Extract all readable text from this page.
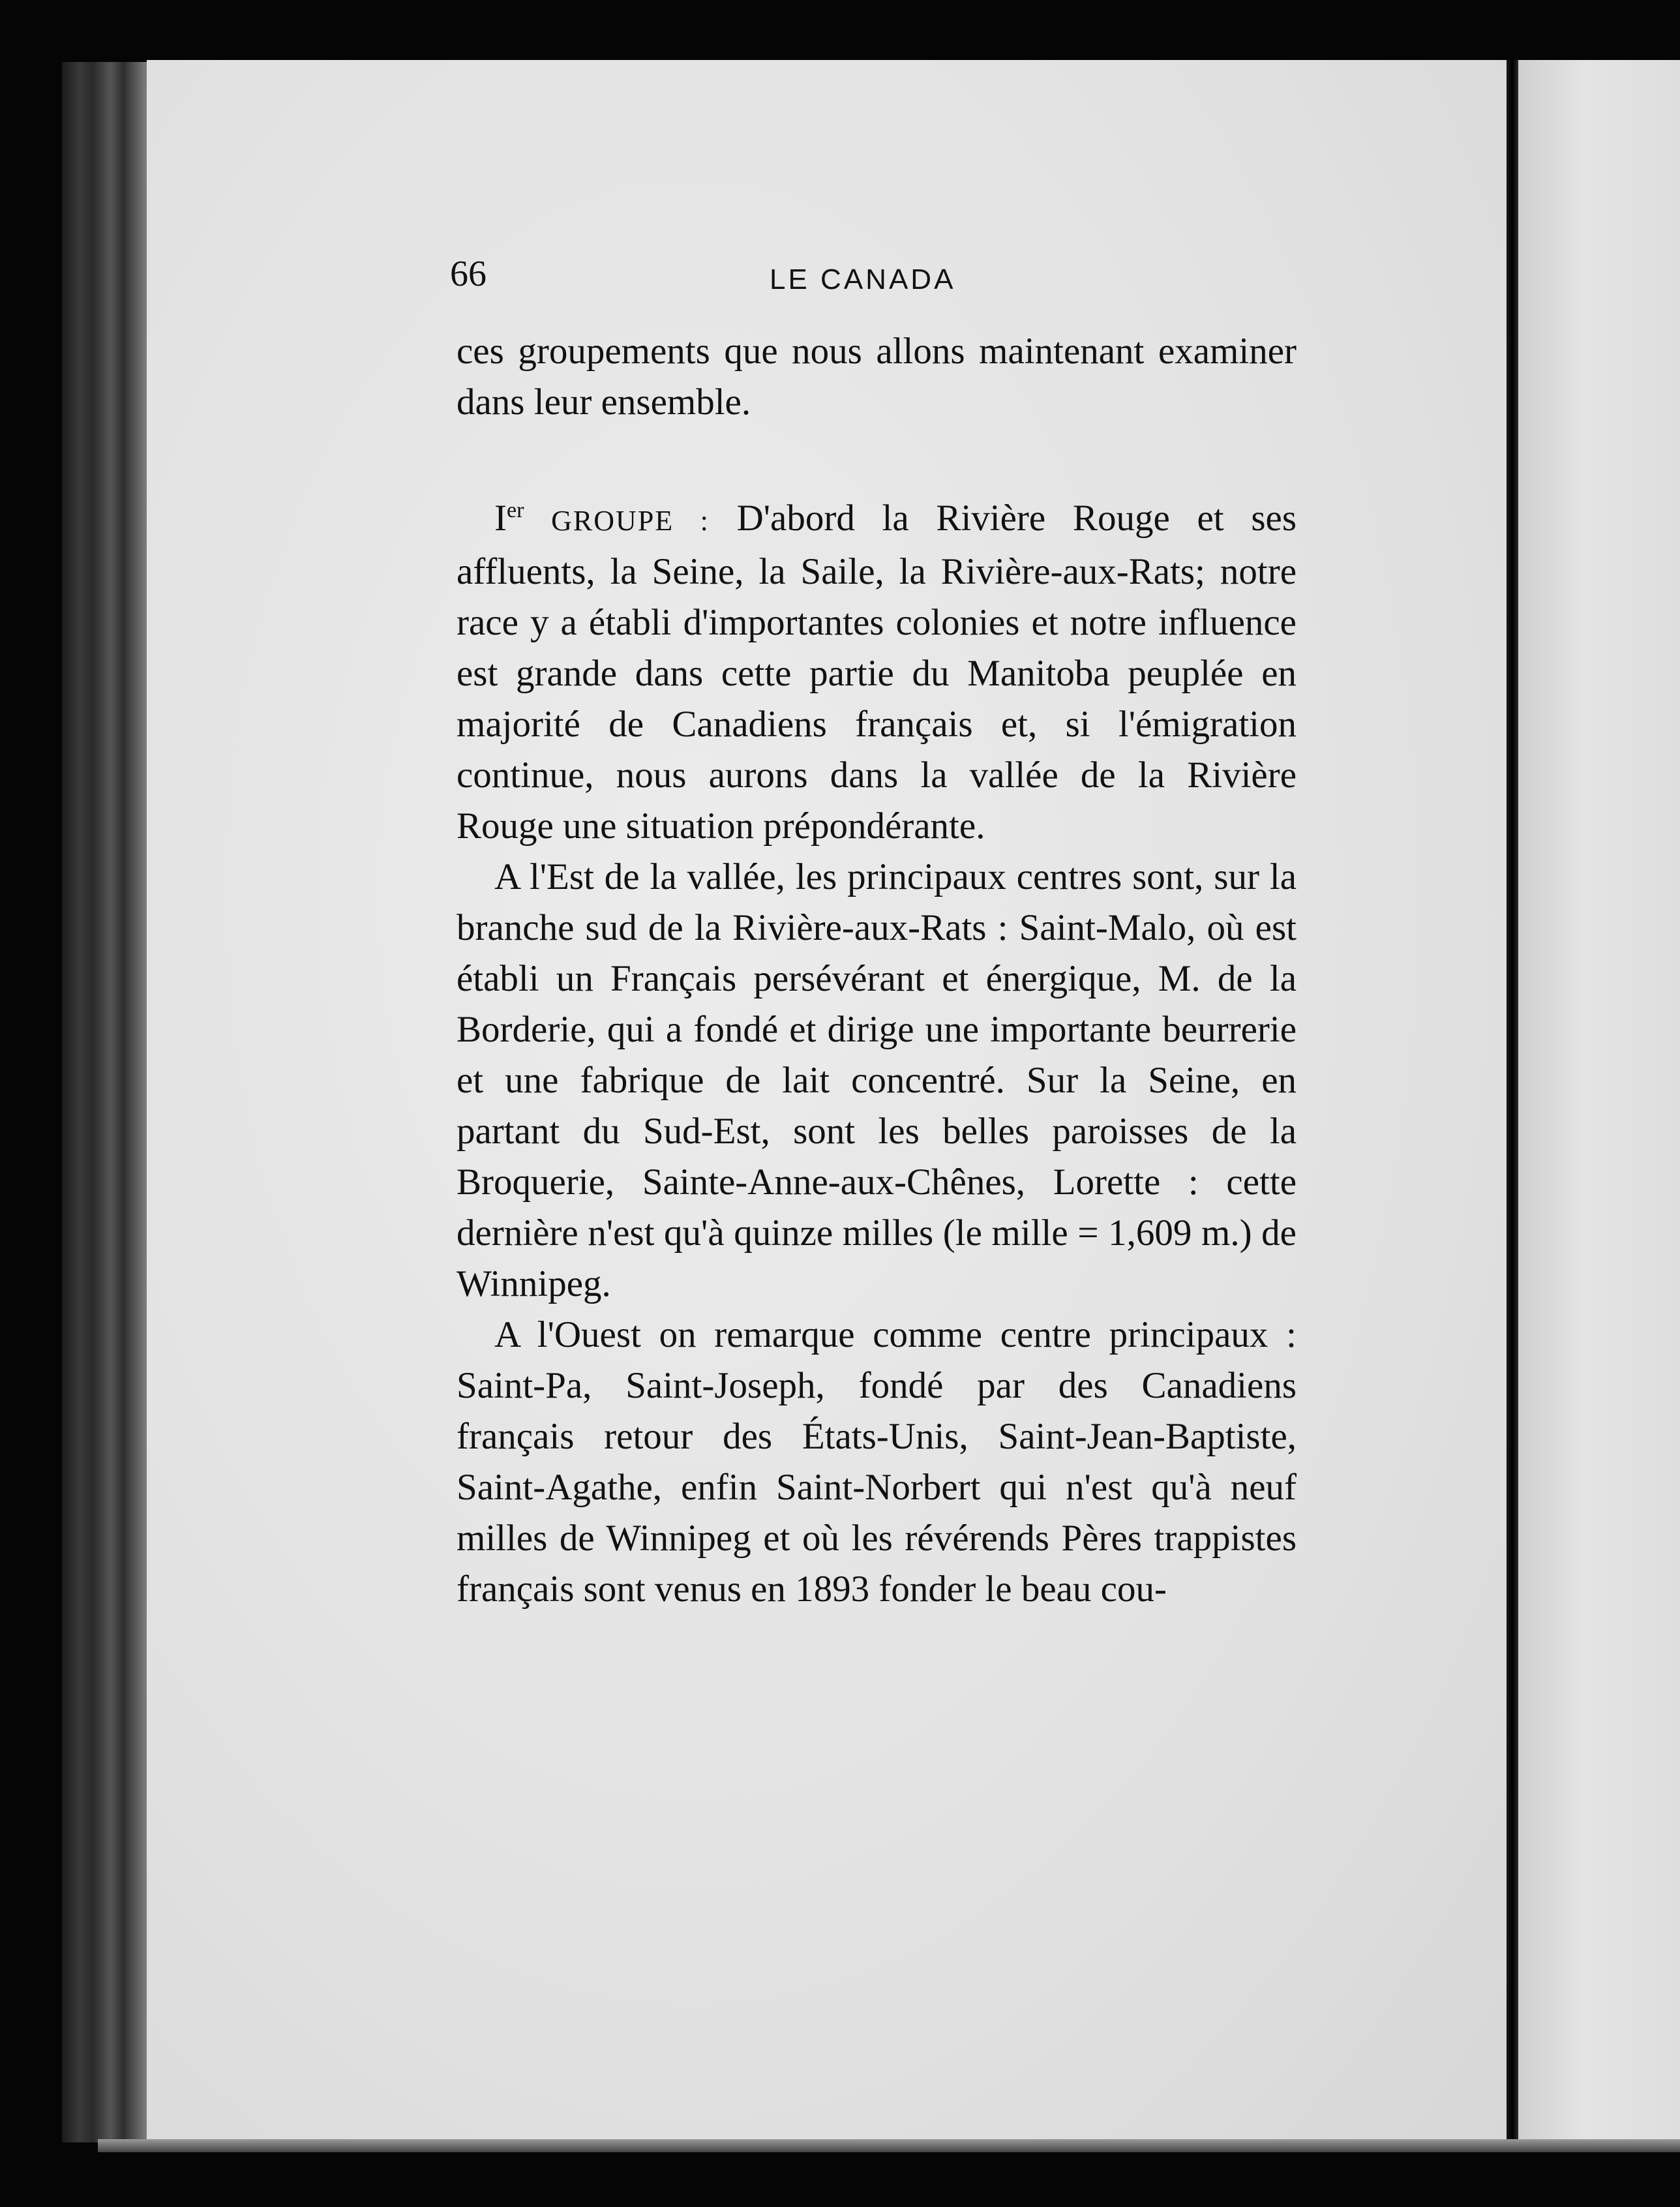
66	LE CANADA

ces groupements que nous allons maintenant examiner dans leur ensemble.

Ier GROUPE : D'abord la Rivière Rouge et ses affluents, la Seine, la Saile, la Rivière-aux-Rats; notre race y a établi d'importantes colonies et notre influence est grande dans cette partie du Manitoba peuplée en majorité de Canadiens français et, si l'émigration continue, nous aurons dans la vallée de la Rivière Rouge une situation prépondérante.

A l'Est de la vallée, les principaux centres sont, sur la branche sud de la Rivière-aux-Rats : Saint-Malo, où est établi un Français persévérant et énergique, M. de la Borderie, qui a fondé et dirige une importante beurrerie et une fabrique de lait concentré. Sur la Seine, en partant du Sud-Est, sont les belles paroisses de la Broquerie, Sainte-Anne-aux-Chênes, Lorette : cette dernière n'est qu'à quinze milles (le mille = 1,609 m.) de Winnipeg.

A l'Ouest on remarque comme centre principaux : Saint-Pa, Saint-Joseph, fondé par des Canadiens français retour des États-Unis, Saint-Jean-Baptiste, Saint-Agathe, enfin Saint-Norbert qui n'est qu'à neuf milles de Winnipeg et où les révérends Pères trappistes français sont venus en 1893 fonder le beau cou-
